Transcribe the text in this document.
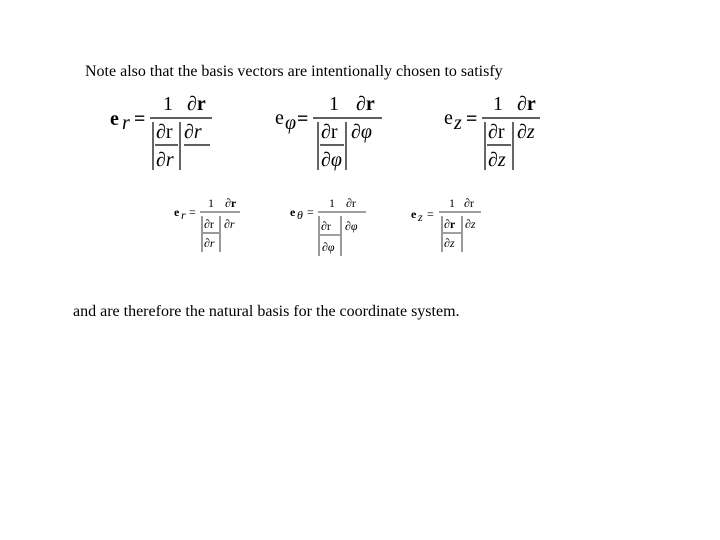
Note also that the basis vectors are intentionally chosen to satisfy
e r =
1 ∂r
∂r
∂r
∂r
e φ =
1 ∂r
∂r
∂φ
∂φ
e z =
1 ∂r
∂r
∂z
∂z
e r =
1 ∂r
∂r
∂r
∂r
e θ =
1 ∂r
∂r
∂φ
∂φ
e z =
1 ∂r
∂r
∂z
∂z
and are therefore the natural basis for the coordinate system.
